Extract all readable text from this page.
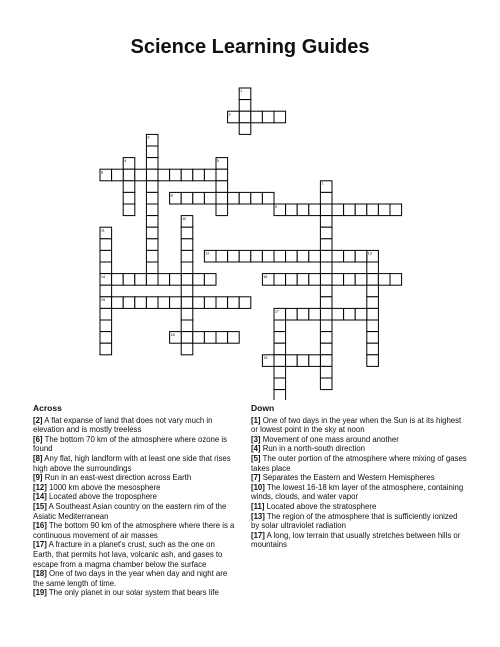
Science Learning Guides
1
2
3
4	5
6
7
8
9
10
11
12	13
14
15
16
17
18
19
Across

[2] A flat expanse of land that does not vary much in elevation and is mostly treeless

[6] The bottom 70 km of the atmosphere where ozone is found

[8] Any flat, high landform with at least one side that rises high above the surroundings

[9] Run in an east-west direction across Earth

[12] 1000 km above the mesosphere

[14] Located above the troposphere

[15] A Southeast Asian country on the eastern rim of the Asiatic Mediterranean

[16] The bottom 90 km of the atmosphere where there is a continuous movement of air masses

[17] A fracture in a planet's crust, such as the one on Earth, that permits hot lava, volcanic ash, and gases to escape from a magma chamber below the surface

[18] One of two days in the year when day and night are the same length of time.

[19] The only planet in our solar system that bears life

Down

[1] One of two days in the year when the Sun is at its highest or lowest point in the sky at noon

[3] Movement of one mass around another

[4] Run in a north-south direction

[5] The outer portion of the atmosphere where mixing of gases takes place

[7] Separates the Eastern and Western Hemispheres

[10] The lowest 16-18 km layer of the atmosphere, containing winds, clouds, and water vapor

[11] Located above the stratosphere

[13] The region of the atmosphere that is sufficiently ionized by solar ultraviolet radiation

[17] A long, low terrain that usually stretches between hills or mountains
